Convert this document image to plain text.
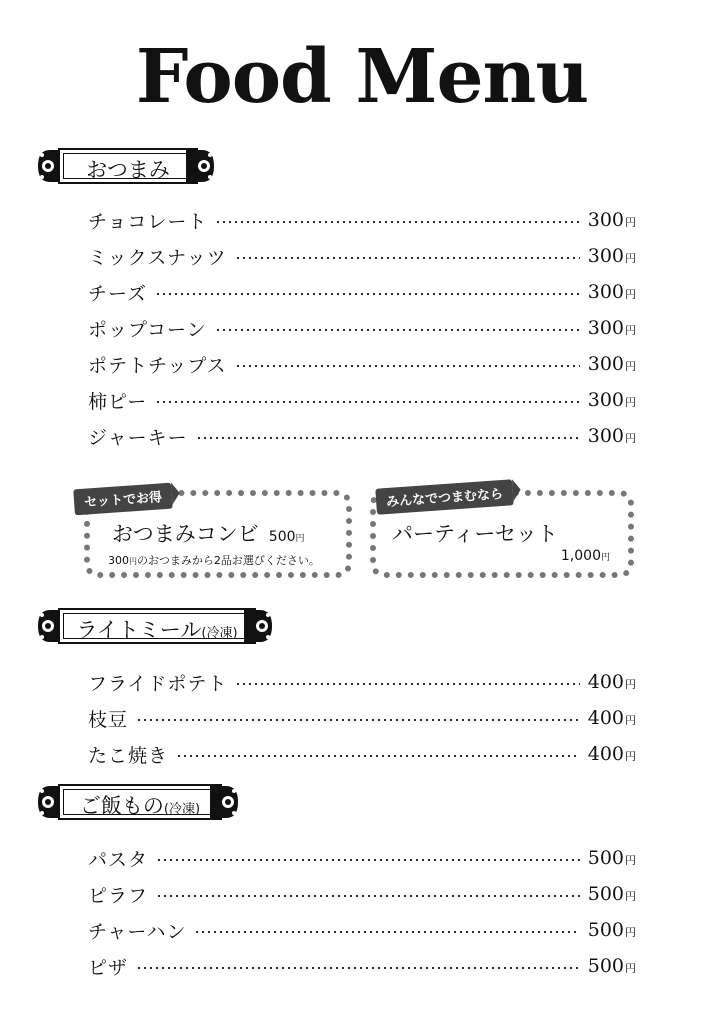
Food Menu
おつまみ
チョコレート	300円
ミックスナッツ	300円
チーズ	300円
ポップコーン	300円
ポテトチップス	300円
柿ピー	300円
ジャーキー	300円
セットでお得
おつまみコンビ 500円
300円のおつまみから2品お選びください。
みんなでつまむなら
パーティーセット
1,000円
ライトミール(冷凍)
フライドポテト	400円
枝豆	400円
たこ焼き	400円
ご飯もの(冷凍)
パスタ	500円
ピラフ	500円
チャーハン	500円
ピザ	500円
